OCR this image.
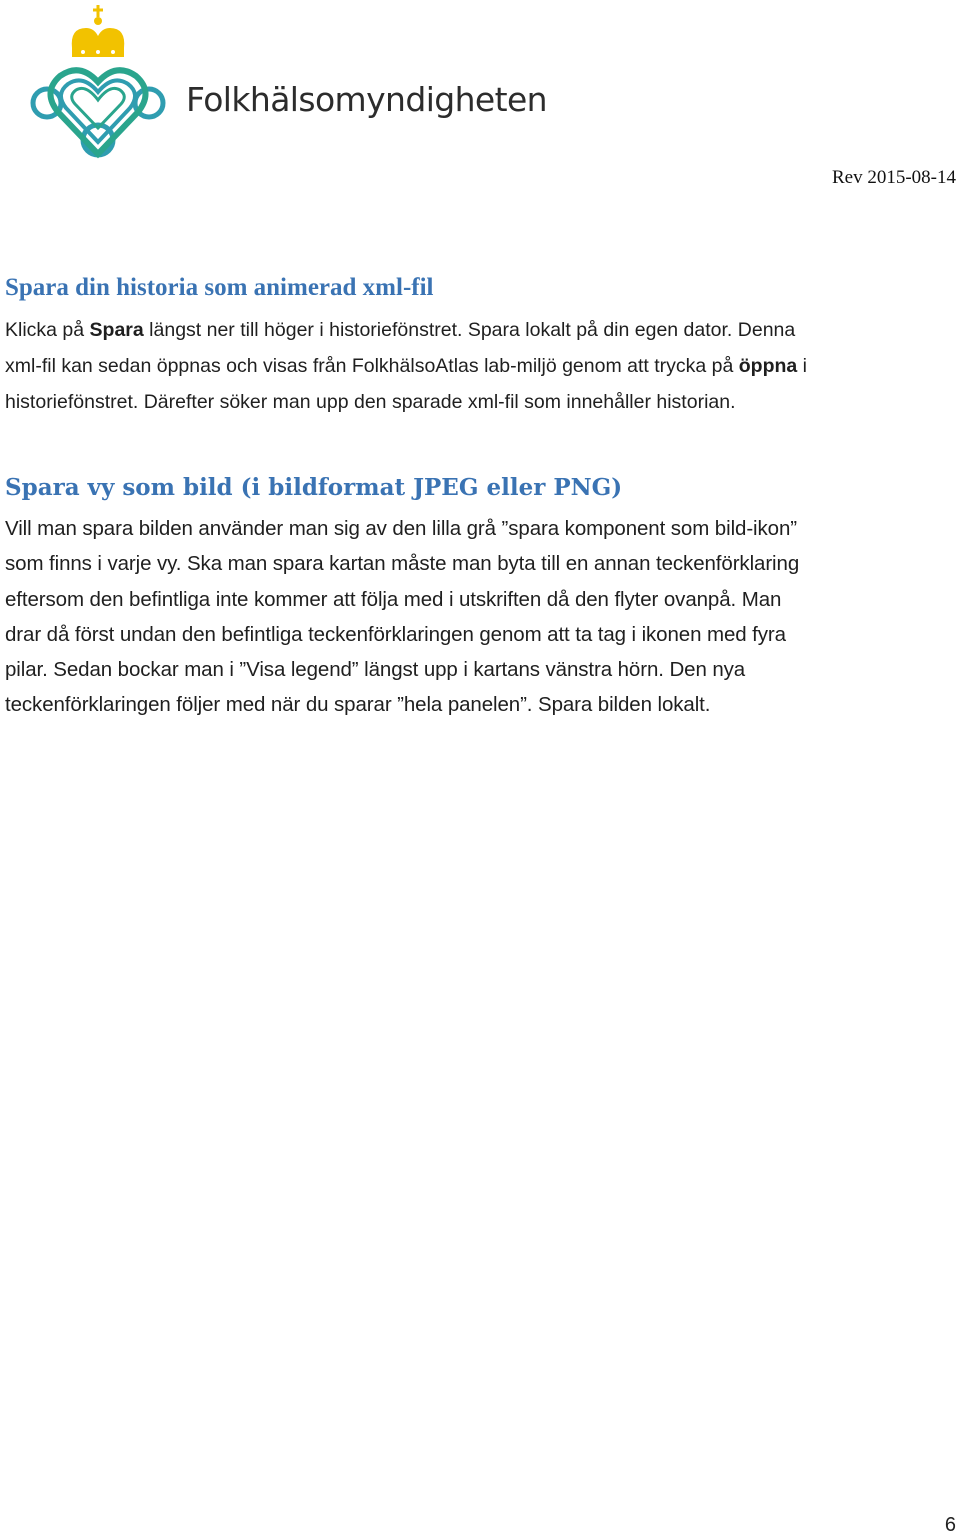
Folkhälsomyndigheten
Rev 2015-08-14
Spara din historia som animerad xml-fil

Klicka på Spara längst ner till höger i historiefönstret. Spara lokalt på din egen dator. Denna
xml-fil kan sedan öppnas och visas från FolkhälsoAtlas lab-miljö genom att trycka på öppna i
historiefönstret. Därefter söker man upp den sparade xml-fil som innehåller historian.

Spara vy som bild (i bildformat JPEG eller PNG)

Vill man spara bilden använder man sig av den lilla grå ”spara komponent som bild-ikon”
som finns i varje vy. Ska man spara kartan måste man byta till en annan teckenförklaring
eftersom den befintliga inte kommer att följa med i utskriften då den flyter ovanpå. Man
drar då först undan den befintliga teckenförklaringen genom att ta tag i ikonen med fyra
pilar. Sedan bockar man i ”Visa legend” längst upp i kartans vänstra hörn. Den nya
teckenförklaringen följer med när du sparar ”hela panelen”. Spara bilden lokalt.

6
